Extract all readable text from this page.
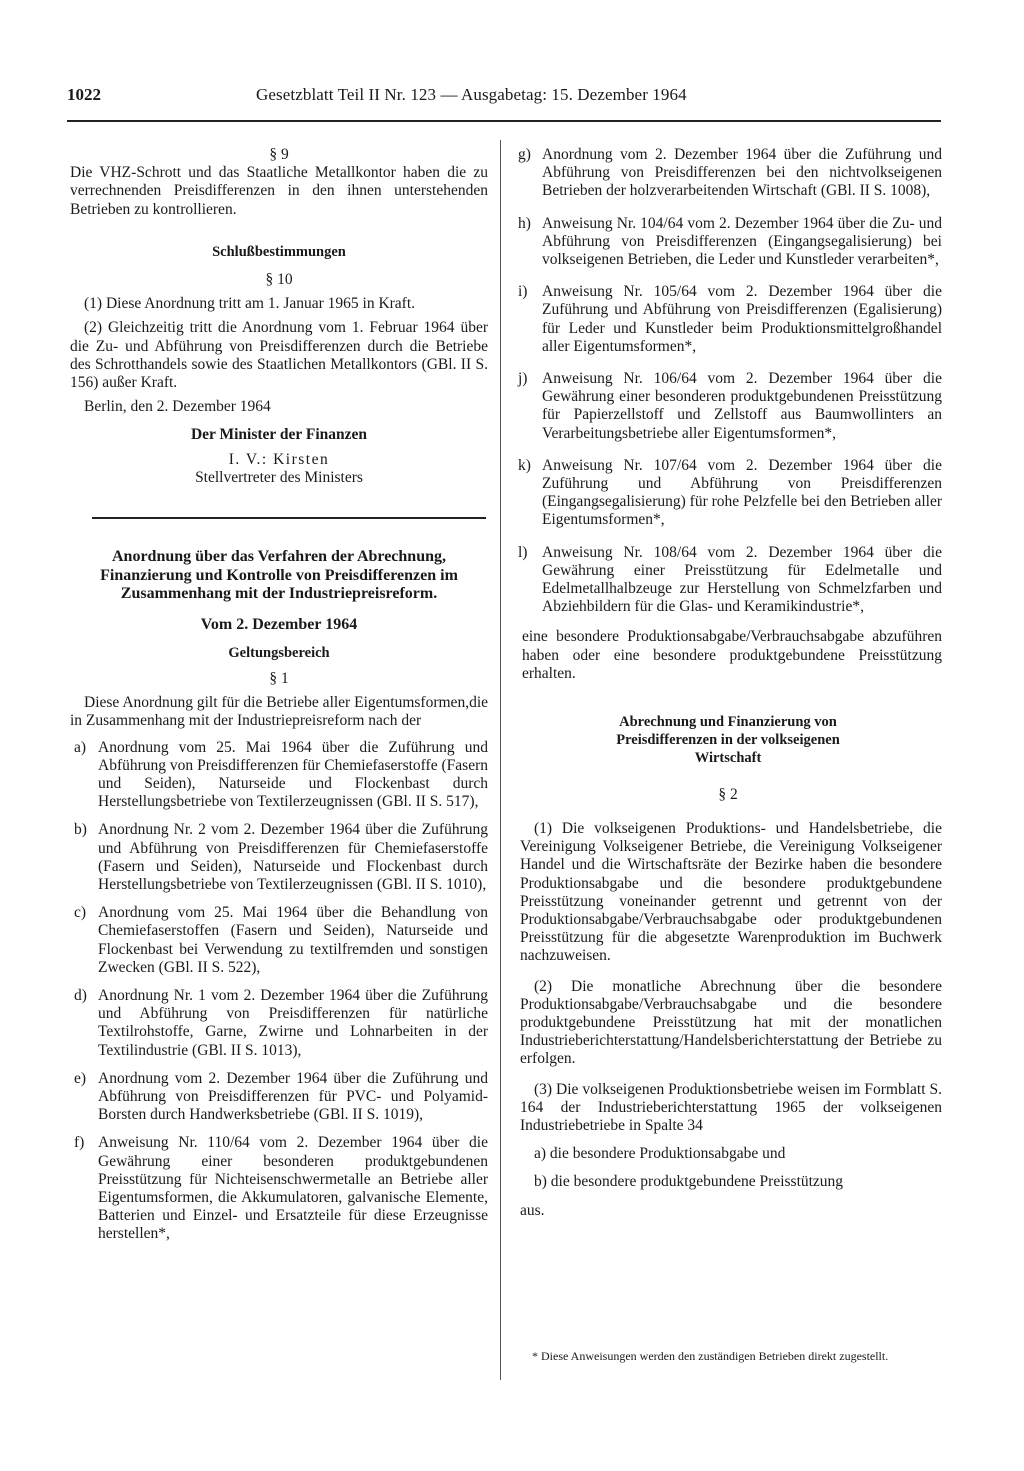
1022	Gesetzblatt Teil II Nr. 123 — Ausgabetag: 15. Dezember 1964

§ 9

Die VHZ-Schrott und das Staatliche Metallkontor haben die zu verrechnenden Preisdifferenzen in den ihnen unterstehenden Betrieben zu kontrollieren.

Schlußbestimmungen

§ 10

(1) Diese Anordnung tritt am 1. Januar 1965 in Kraft.

(2) Gleichzeitig tritt die Anordnung vom 1. Februar 1964 über die Zu- und Abführung von Preisdifferenzen durch die Betriebe des Schrotthandels sowie des Staatlichen Metallkontors (GBl. II S. 156) außer Kraft.

Berlin, den 2. Dezember 1964

Der Minister der Finanzen

I. V.: Kirsten

Stellvertreter des Ministers

Anordnung über das Verfahren der Abrechnung, Finanzierung und Kontrolle von Preisdifferenzen im Zusammenhang mit der Industriepreisreform.

Vom 2. Dezember 1964

Geltungsbereich

§ 1

Diese Anordnung gilt für die Betriebe aller Eigentumsformen,die in Zusammenhang mit der Industriepreisreform nach der

a) Anordnung vom 25. Mai 1964 über die Zuführung und Abführung von Preisdifferenzen für Chemiefaserstoffe (Fasern und Seiden), Naturseide und Flockenbast durch Herstellungsbetriebe von Textilerzeugnissen (GBl. II S. 517),
b) Anordnung Nr. 2 vom 2. Dezember 1964 über die Zuführung und Abführung von Preisdifferenzen für Chemiefaserstoffe (Fasern und Seiden), Naturseide und Flockenbast durch Herstellungsbetriebe von Textilerzeugnissen (GBl. II S. 1010),
c) Anordnung vom 25. Mai 1964 über die Behandlung von Chemiefaserstoffen (Fasern und Seiden), Naturseide und Flockenbast bei Verwendung zu textilfremden und sonstigen Zwecken (GBl. II S. 522),
d) Anordnung Nr. 1 vom 2. Dezember 1964 über die Zuführung und Abführung von Preisdifferenzen für natürliche Textilrohstoffe, Garne, Zwirne und Lohnarbeiten in der Textilindustrie (GBl. II S. 1013),
e) Anordnung vom 2. Dezember 1964 über die Zuführung und Abführung von Preisdifferenzen für PVC- und Polyamid-Borsten durch Handwerksbetriebe (GBl. II S. 1019),
f) Anweisung Nr. 110/64 vom 2. Dezember 1964 über die Gewährung einer besonderen produktgebundenen Preisstützung für Nichteisenschwermetalle an Betriebe aller Eigentumsformen, die Akkumulatoren, galvanische Elemente, Batterien und Einzel- und Ersatzteile für diese Erzeugnisse herstellen*,
g) Anordnung vom 2. Dezember 1964 über die Zuführung und Abführung von Preisdifferenzen bei den nichtvolkseigenen Betrieben der holzverarbeitenden Wirtschaft (GBl. II S. 1008),
h) Anweisung Nr. 104/64 vom 2. Dezember 1964 über die Zu- und Abführung von Preisdifferenzen (Eingangsegalisierung) bei volkseigenen Betrieben, die Leder und Kunstleder verarbeiten*,
i) Anweisung Nr. 105/64 vom 2. Dezember 1964 über die Zuführung und Abführung von Preisdifferenzen (Egalisierung) für Leder und Kunstleder beim Produktionsmittelgroßhandel aller Eigentumsformen*,
j) Anweisung Nr. 106/64 vom 2. Dezember 1964 über die Gewährung einer besonderen produktgebundenen Preisstützung für Papierzellstoff und Zellstoff aus Baumwollinters an Verarbeitungsbetriebe aller Eigentumsformen*,
k) Anweisung Nr. 107/64 vom 2. Dezember 1964 über die Zuführung und Abführung von Preisdifferenzen (Eingangsegalisierung) für rohe Pelzfelle bei den Betrieben aller Eigentumsformen*,
l) Anweisung Nr. 108/64 vom 2. Dezember 1964 über die Gewährung einer Preisstützung für Edelmetalle und Edelmetallhalbzeuge zur Herstellung von Schmelzfarben und Abziehbildern für die Glas- und Keramikindustrie*,

eine besondere Produktionsabgabe/Verbrauchsabgabe abzuführen haben oder eine besondere produktgebundene Preisstützung erhalten.

Abrechnung und Finanzierung von Preisdifferenzen in der volkseigenen Wirtschaft

§ 2

(1) Die volkseigenen Produktions- und Handelsbetriebe, die Vereinigung Volkseigener Betriebe, die Vereinigung Volkseigener Handel und die Wirtschaftsräte der Bezirke haben die besondere Produktionsabgabe und die besondere produktgebundene Preisstützung voneinander getrennt und getrennt von der Produktionsabgabe/Verbrauchsabgabe oder produktgebundenen Preisstützung für die abgesetzte Warenproduktion im Buchwerk nachzuweisen.

(2) Die monatliche Abrechnung über die besondere Produktionsabgabe/Verbrauchsabgabe und die besondere produktgebundene Preisstützung hat mit der monatlichen Industrieberichterstattung/Handelsberichterstattung der Betriebe zu erfolgen.

(3) Die volkseigenen Produktionsbetriebe weisen im Formblatt S. 164 der Industrieberichterstattung 1965 der volkseigenen Industriebetriebe in Spalte 34

a) die besondere Produktionsabgabe und

b) die besondere produktgebundene Preisstützung

aus.

* Diese Anweisungen werden den zuständigen Betrieben direkt zugestellt.
